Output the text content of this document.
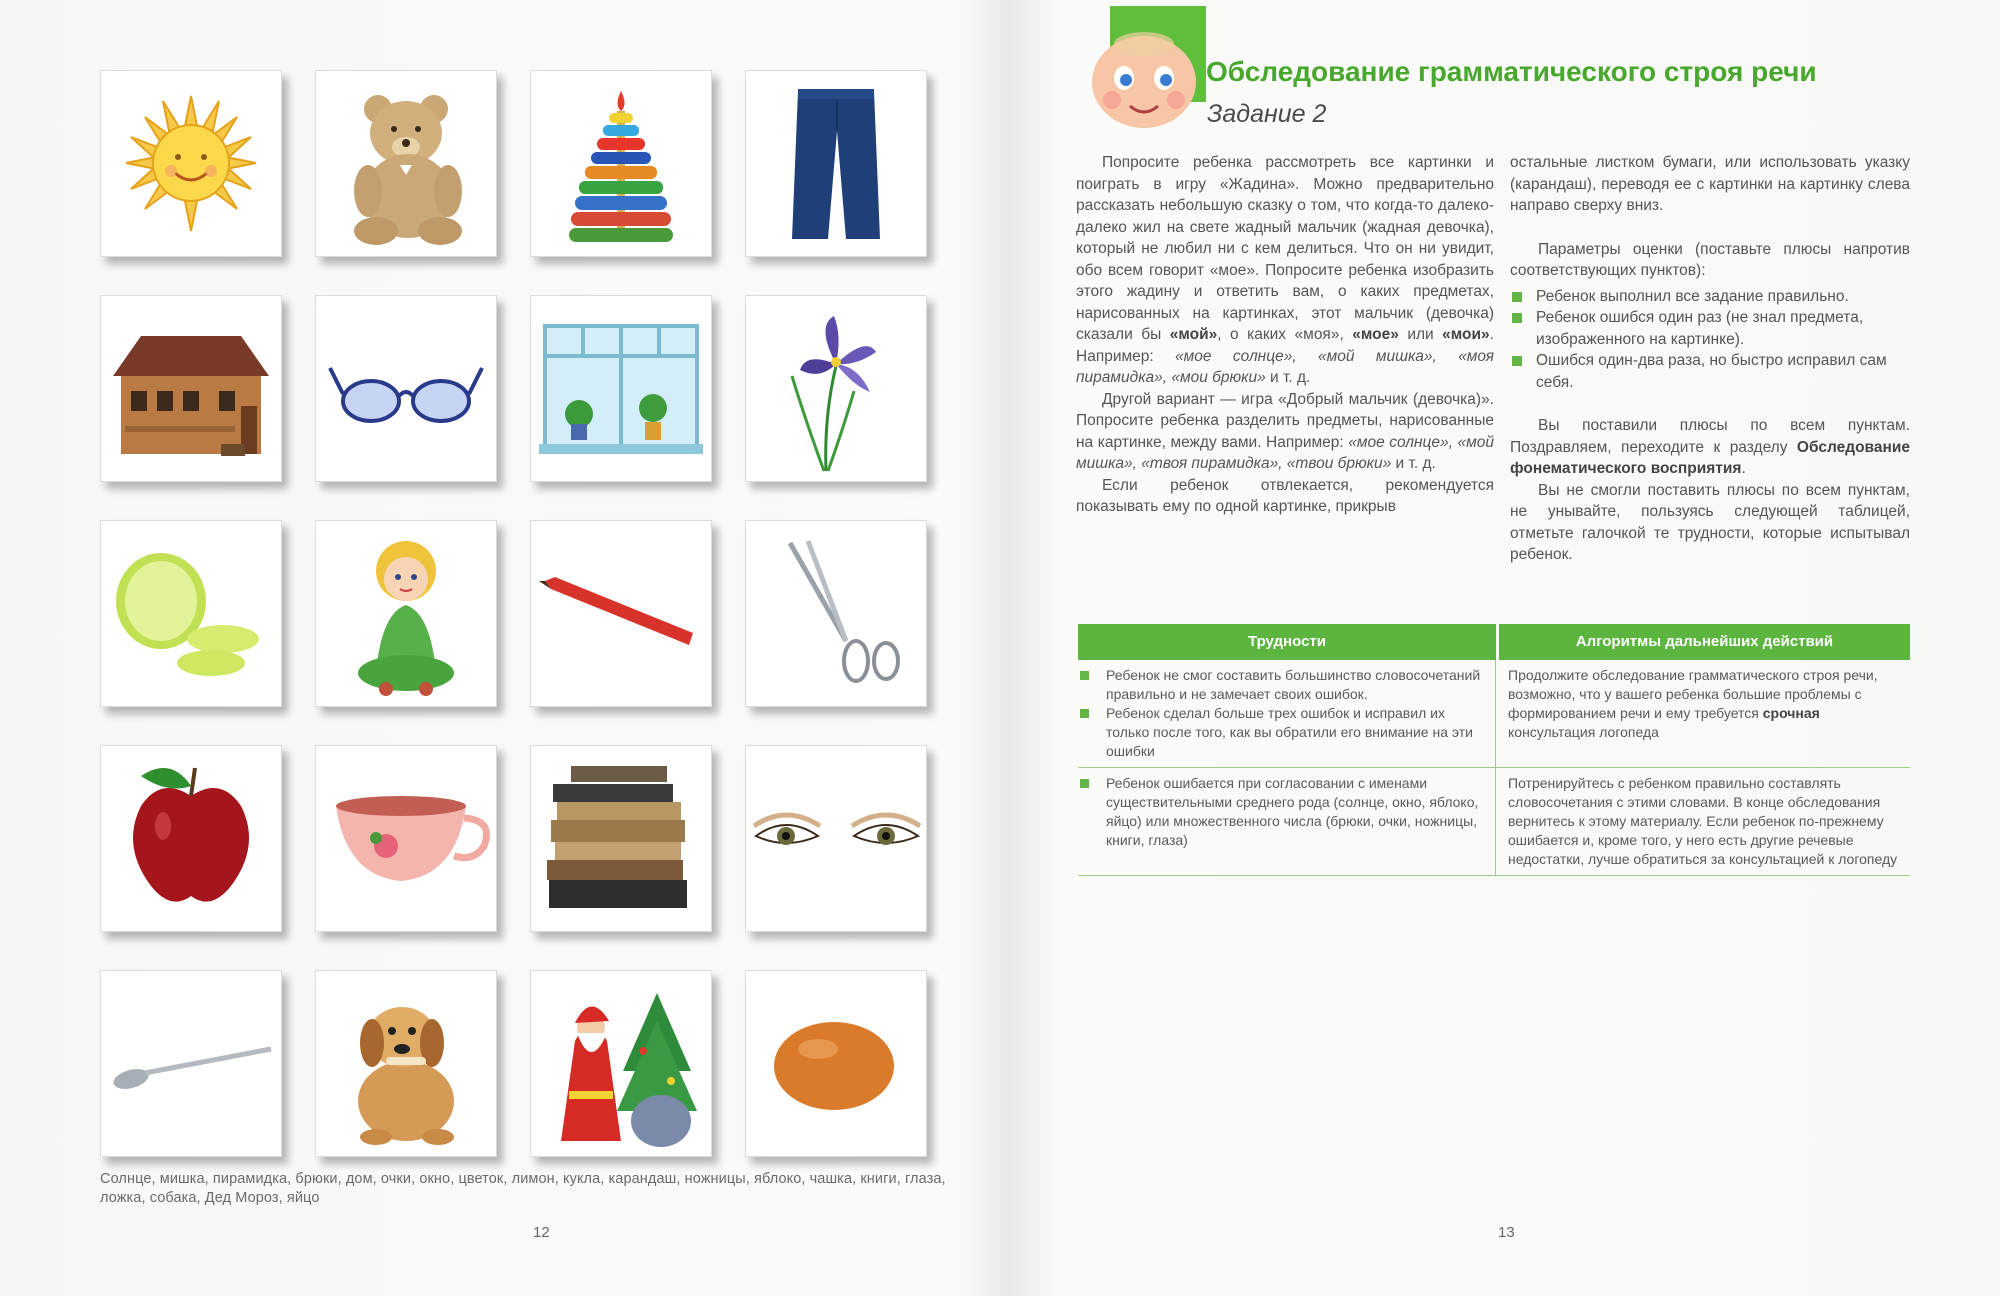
Солнце, мишка, пирамидка, брюки, дом, очки, окно, цветок, лимон, кукла, карандаш, ножницы, яблоко, чашка, книги, глаза, ложка, собака, Дед Мороз, яйцо
12
Обследование грамматического строя речи
Задание 2

Попросите ребенка рассмотреть все картинки и поиграть в игру «Жадина». Можно предварительно рассказать небольшую сказку о том, что когда-то далеко-далеко жил на свете жадный мальчик (жадная девочка), который не любил ни с кем делиться. Что он ни увидит, обо всем говорит «мое». Попросите ребенка изобразить этого жадину и ответить вам, о каких предметах, нарисованных на картинках, этот мальчик (девочка) сказали бы «мой», о каких «моя», «мое» или «мои». Например: «мое солнце», «мой мишка», «моя пирамидка», «мои брюки» и т. д.

Другой вариант — игра «Добрый мальчик (девочка)». Попросите ребенка разделить предметы, нарисованные на картинке, между вами. Например: «мое солнце», «мой мишка», «твоя пирамидка», «твои брюки» и т. д.

Если ребенок отвлекается, рекомендуется показывать ему по одной картинке, прикрыв

остальные листком бумаги, или использовать указку (карандаш), переводя ее с картинки на картинку слева направо сверху вниз.

Параметры оценки (поставьте плюсы напротив соответствующих пунктов):

Ребенок выполнил все задание правильно.
Ребенок ошибся один раз (не знал предмета, изображенного на картинке).
Ошибся один-два раза, но быстро исправил сам себя.

Вы поставили плюсы по всем пунктам. Поздравляем, переходите к разделу Обследование фонематического восприятия.

Вы не смогли поставить плюсы по всем пунктам, не унывайте, пользуясь следующей таблицей, отметьте галочкой те трудности, которые испытывал ребенок.

Трудности	Алгоритмы дальнейших действий
Ребенок не смог составить большинство словосочетаний правильно и не замечает своих ошибок.
Ребенок сделал больше трех ошибок и исправил их только после того, как вы обратили его внимание на эти ошибки
Продолжите обследование грамматического строя речи, возможно, что у вашего ребенка большие проблемы с формированием речи и ему требуется срочная консультация логопеда
Ребенок ошибается при согласовании с именами существительными среднего рода (солнце, окно, яблоко, яйцо) или множественного числа (брюки, очки, ножницы, книги, глаза)
Потренируйтесь с ребенком правильно составлять словосочетания с этими словами. В конце обследования вернитесь к этому материалу. Если ребенок по-прежнему ошибается и, кроме того, у него есть другие речевые недостатки, лучше обратиться за консультацией к логопеду
13
